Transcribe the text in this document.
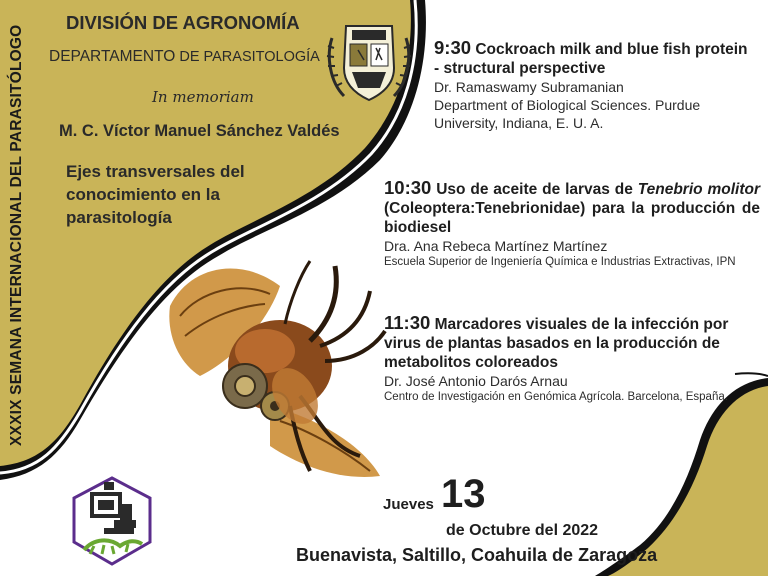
XXXIX SEMANA INTERNACIONAL DEL PARASITÓLOGO
DIVISIÓN DE AGRONOMÍA
DEPARTAMENTO DE PARASITOLOGÍA
In memoriam
M. C. Víctor Manuel Sánchez Valdés
Ejes transversales del conocimiento en la parasitología
9:30 Cockroach milk and blue fish protein - structural perspective
Dr. Ramaswamy Subramanian
Department of Biological Sciences. Purdue University, Indiana, E. U. A.
10:30 Uso de aceite de larvas de Tenebrio molitor (Coleoptera:Tenebrionidae) para la producción de biodiesel
Dra. Ana Rebeca Martínez Martínez
Escuela Superior de Ingeniería Química e Industrias Extractivas, IPN
11:30 Marcadores visuales de la infección por virus de plantas basados en la producción de metabolitos coloreados
Dr. José Antonio Darós Arnau
Centro de Investigación en Genómica Agrícola. Barcelona, España.
Jueves 13
de Octubre del 2022
Buenavista, Saltillo, Coahuila de Zaragoza
